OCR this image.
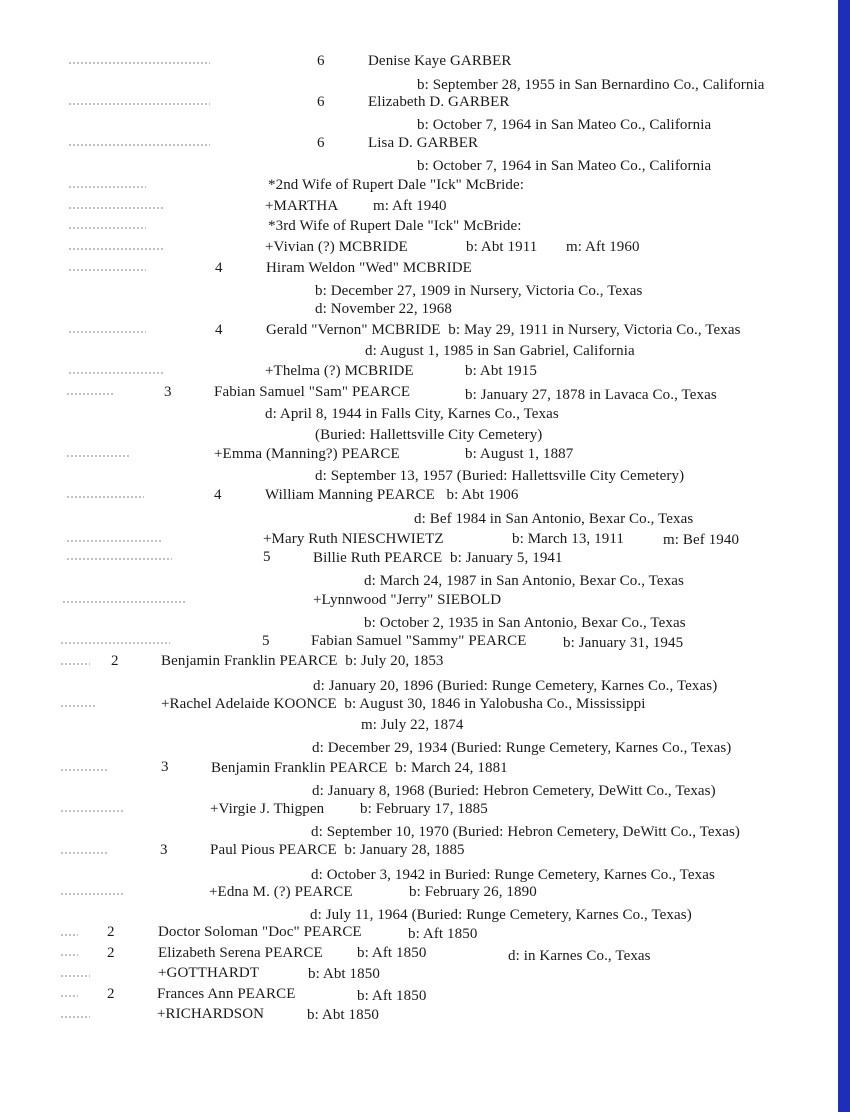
6	Denise Kaye GARBER
b: September 28, 1955 in San Bernardino Co., California
6	Elizabeth D. GARBER
b: October 7, 1964 in San Mateo Co., California
6	Lisa D. GARBER
b: October 7, 1964 in San Mateo Co., California
*2nd Wife of Rupert Dale "Ick" McBride:
+MARTHA m: Aft 1940
*3rd Wife of Rupert Dale "Ick" McBride:
+Vivian (?) MCBRIDE	b: Abt 1911 m: Aft 1960
4	Hiram Weldon "Wed" MCBRIDE
b: December 27, 1909 in Nursery, Victoria Co., Texas
d: November 22, 1968
4	Gerald "Vernon" MCBRIDE  b: May 29, 1911 in Nursery, Victoria Co., Texas
d: August 1, 1985 in San Gabriel, California
+Thelma (?) MCBRIDE	b: Abt 1915
3	Fabian Samuel "Sam" PEARCE	b: January 27, 1878 in Lavaca Co., Texas
d: April 8, 1944 in Falls City, Karnes Co., Texas
(Buried: Hallettsville City Cemetery)
+Emma (Manning?) PEARCE	b: August 1, 1887
d: September 13, 1957 (Buried: Hallettsville City Cemetery)
4	William Manning PEARCE   b: Abt 1906
d: Bef 1984 in San Antonio, Bexar Co., Texas
+Mary Ruth NIESCHWIETZ	b: March 13, 1911	m: Bef 1940
5	Billie Ruth PEARCE  b: January 5, 1941
d: March 24, 1987 in San Antonio, Bexar Co., Texas
+Lynnwood "Jerry" SIEBOLD
b: October 2, 1935 in San Antonio, Bexar Co., Texas
5	Fabian Samuel "Sammy" PEARCE b: January 31, 1945
2	Benjamin Franklin PEARCE  b: July 20, 1853
d: January 20, 1896 (Buried: Runge Cemetery, Karnes Co., Texas)
+Rachel Adelaide KOONCE  b: August 30, 1846 in Yalobusha Co., Mississippi
m: July 22, 1874
d: December 29, 1934 (Buried: Runge Cemetery, Karnes Co., Texas)
3	Benjamin Franklin PEARCE  b: March 24, 1881
d: January 8, 1968 (Buried: Hebron Cemetery, DeWitt Co., Texas)
+Virgie J. Thigpen b: February 17, 1885
d: September 10, 1970 (Buried: Hebron Cemetery, DeWitt Co., Texas)
3	Paul Pious PEARCE  b: January 28, 1885
d: October 3, 1942 in Buried: Runge Cemetery, Karnes Co., Texas
+Edna M. (?) PEARCE	b: February 26, 1890
d: July 11, 1964 (Buried: Runge Cemetery, Karnes Co., Texas)
2	Doctor Soloman "Doc" PEARCE	b: Aft 1850
2	Elizabeth Serena PEARCE b: Aft 1850	d: in Karnes Co., Texas
+GOTTHARDT	b: Abt 1850
2	Frances Ann PEARCE	b: Aft 1850
+RICHARDSON	b: Abt 1850
